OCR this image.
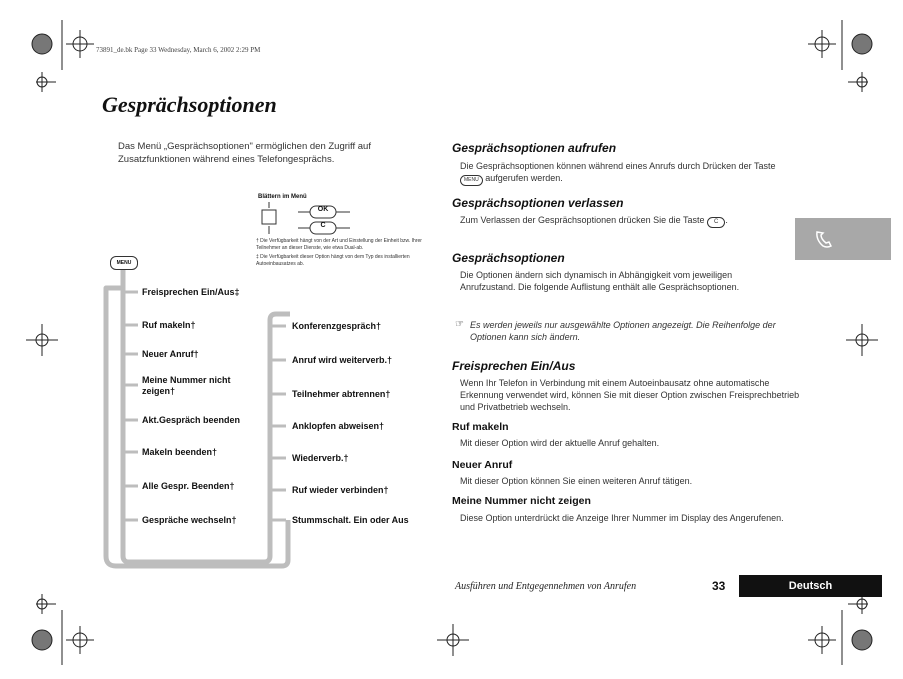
73891_de.bk Page 33 Wednesday, March 6, 2002 2:29 PM
Gesprächsoptionen
Das Menü „Gesprächsoptionen" ermöglichen den Zugriff auf Zusatzfunktionen während eines Telefongesprächs.
Blättern im Menü
OK
C
† Die Verfügbarkeit hängt von der Art und Einstellung der Einheit bzw. Ihrer Teilnehmer an dieser Dienste, wie etwa Dual-ab.
‡ Die Verfügbarkeit dieser Option hängt von dem Typ des installierten Autoeinbausatzes ab.
MENU
Freisprechen Ein/Aus‡
Ruf makeln†
Neuer Anruf†
Meine Nummer nicht zeigen†
Akt.Gespräch beenden
Makeln beenden†
Alle Gespr. Beenden†
Gespräche wechseln†
Konferenzgespräch†
Anruf wird weiterverb.†
Teilnehmer abtrennen†
Anklopfen abweisen†
Wiederverb.†
Ruf wieder verbinden†
Stummschalt. Ein oder Aus
Gesprächsoptionen aufrufen
Die Gesprächsoptionen können während eines Anrufs durch Drücken der Taste MENU aufgerufen werden.
Gesprächsoptionen verlassen
Zum Verlassen der Gesprächsoptionen drücken Sie die Taste C .
Gesprächsoptionen
Die Optionen ändern sich dynamisch in Abhängigkeit vom jeweiligen Anrufzustand. Die folgende Auflistung enthält alle Gesprächsoptionen.
☞ Es werden jeweils nur ausgewählte Optionen angezeigt. Die Reihenfolge der Optionen kann sich ändern.
Freisprechen Ein/Aus
Wenn Ihr Telefon in Verbindung mit einem Autoeinbausatz ohne automatische Erkennung verwendet wird, können Sie mit dieser Option zwischen Freisprechbetrieb und Privatbetrieb wechseln.
Ruf makeln
Mit dieser Option wird der aktuelle Anruf gehalten.
Neuer Anruf
Mit dieser Option können Sie einen weiteren Anruf tätigen.
Meine Nummer nicht zeigen
Diese Option unterdrückt die Anzeige Ihrer Nummer im Display des Angerufenen.
Ausführen und Entgegennehmen von Anrufen	33	Deutsch
